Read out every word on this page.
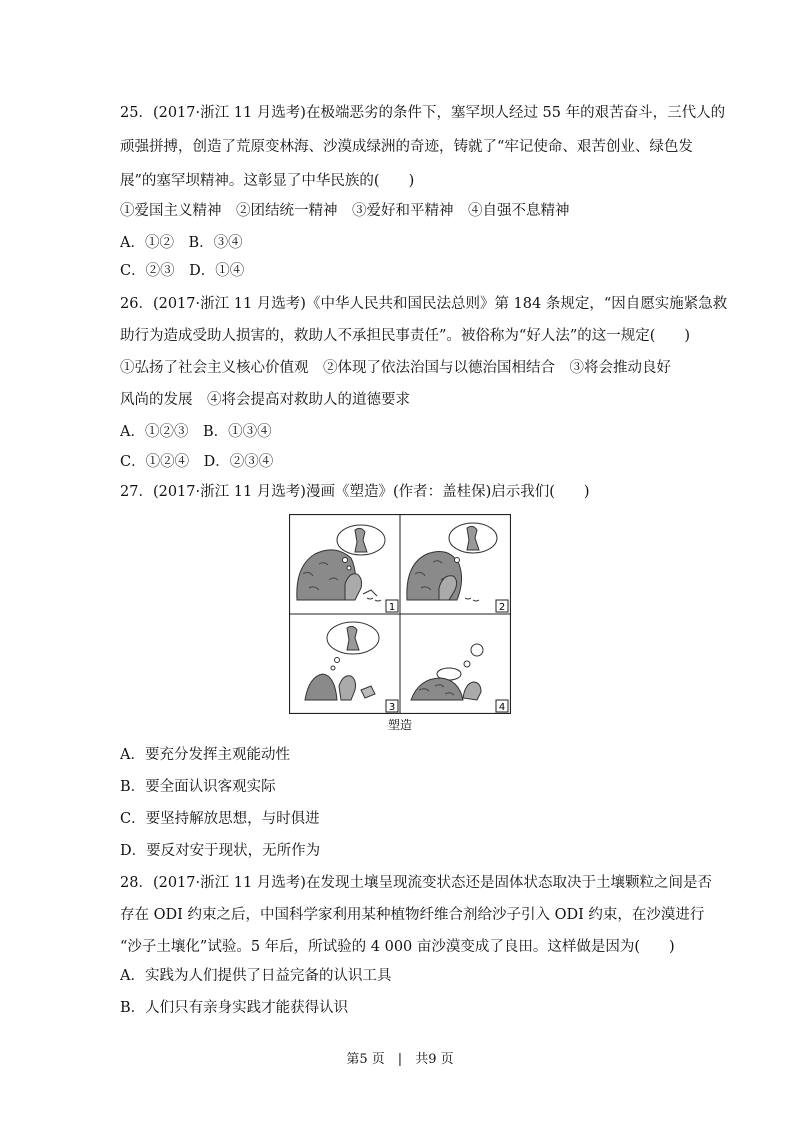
25．(2017·浙江 11 月选考)在极端恶劣的条件下，塞罕坝人经过 55 年的艰苦奋斗，三代人的
顽强拼搏，创造了荒原变林海、沙漠成绿洲的奇迹，铸就了“牢记使命、艰苦创业、绿色发
展”的塞罕坝精神。这彰显了中华民族的(　　)
①爱国主义精神　②团结统一精神　③爱好和平精神　④自强不息精神
A．①②　B．③④
C．②③　D．①④
26．(2017·浙江 11 月选考)《中华人民共和国民法总则》第 184 条规定，“因自愿实施紧急救
助行为造成受助人损害的，救助人不承担民事责任”。被俗称为“好人法”的这一规定(　　)
①弘扬了社会主义核心价值观　②体现了依法治国与以德治国相结合　③将会推动良好
风尚的发展　④将会提高对救助人的道德要求
A．①②③　B．①③④
C．①②④　D．②③④
27．(2017·浙江 11 月选考)漫画《塑造》(作者：盖桂保)启示我们(　　)
1	2
3	4
塑造
A．要充分发挥主观能动性
B．要全面认识客观实际
C．要坚持解放思想，与时俱进
D．要反对安于现状，无所作为
28．(2017·浙江 11 月选考)在发现土壤呈现流变状态还是固体状态取决于土壤颗粒之间是否
存在 ODI 约束之后，中国科学家利用某种植物纤维合剂给沙子引入 ODI 约束，在沙漠进行
“沙子土壤化”试验。5 年后，所试验的 4 000 亩沙漠变成了良田。这样做是因为(　　)
A．实践为人们提供了日益完备的认识工具
B．人们只有亲身实践才能获得认识
第5 页　|　共9 页
